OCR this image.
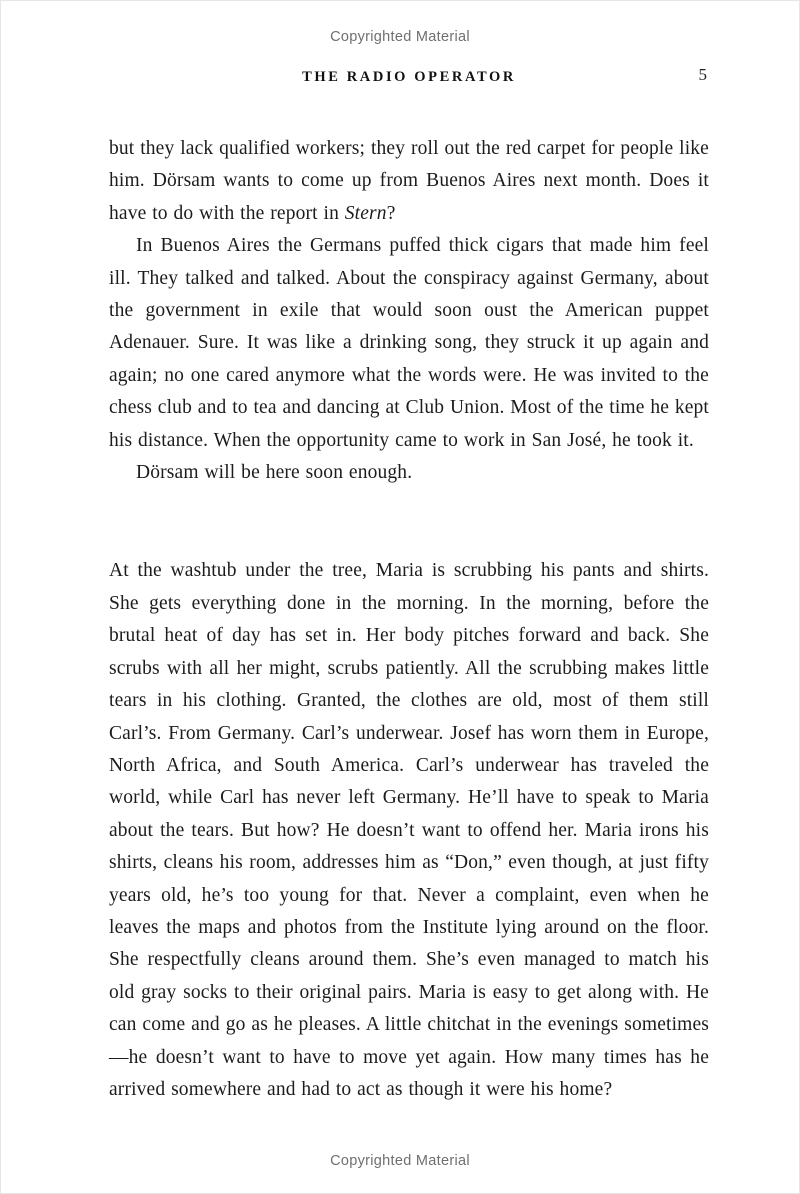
Copyrighted Material
THE RADIO OPERATOR	5

but they lack qualified workers; they roll out the red carpet for people like him. Dörsam wants to come up from Buenos Aires next month. Does it have to do with the report in Stern?

In Buenos Aires the Germans puffed thick cigars that made him feel ill. They talked and talked. About the conspiracy against Germany, about the government in exile that would soon oust the American puppet Adenauer. Sure. It was like a drinking song, they struck it up again and again; no one cared anymore what the words were. He was invited to the chess club and to tea and dancing at Club Union. Most of the time he kept his distance. When the opportunity came to work in San José, he took it.

Dörsam will be here soon enough.

At the washtub under the tree, Maria is scrubbing his pants and shirts. She gets everything done in the morning. In the morning, before the brutal heat of day has set in. Her body pitches forward and back. She scrubs with all her might, scrubs patiently. All the scrubbing makes little tears in his clothing. Granted, the clothes are old, most of them still Carl’s. From Germany. Carl’s underwear. Josef has worn them in Europe, North Africa, and South America. Carl’s underwear has traveled the world, while Carl has never left Germany. He’ll have to speak to Maria about the tears. But how? He doesn’t want to offend her. Maria irons his shirts, cleans his room, addresses him as “Don,” even though, at just fifty years old, he’s too young for that. Never a complaint, even when he leaves the maps and photos from the Institute lying around on the floor. She respectfully cleans around them. She’s even managed to match his old gray socks to their original pairs. Maria is easy to get along with. He can come and go as he pleases. A little chitchat in the evenings sometimes—he doesn’t want to have to move yet again. How many times has he arrived somewhere and had to act as though it were his home?

Copyrighted Material
